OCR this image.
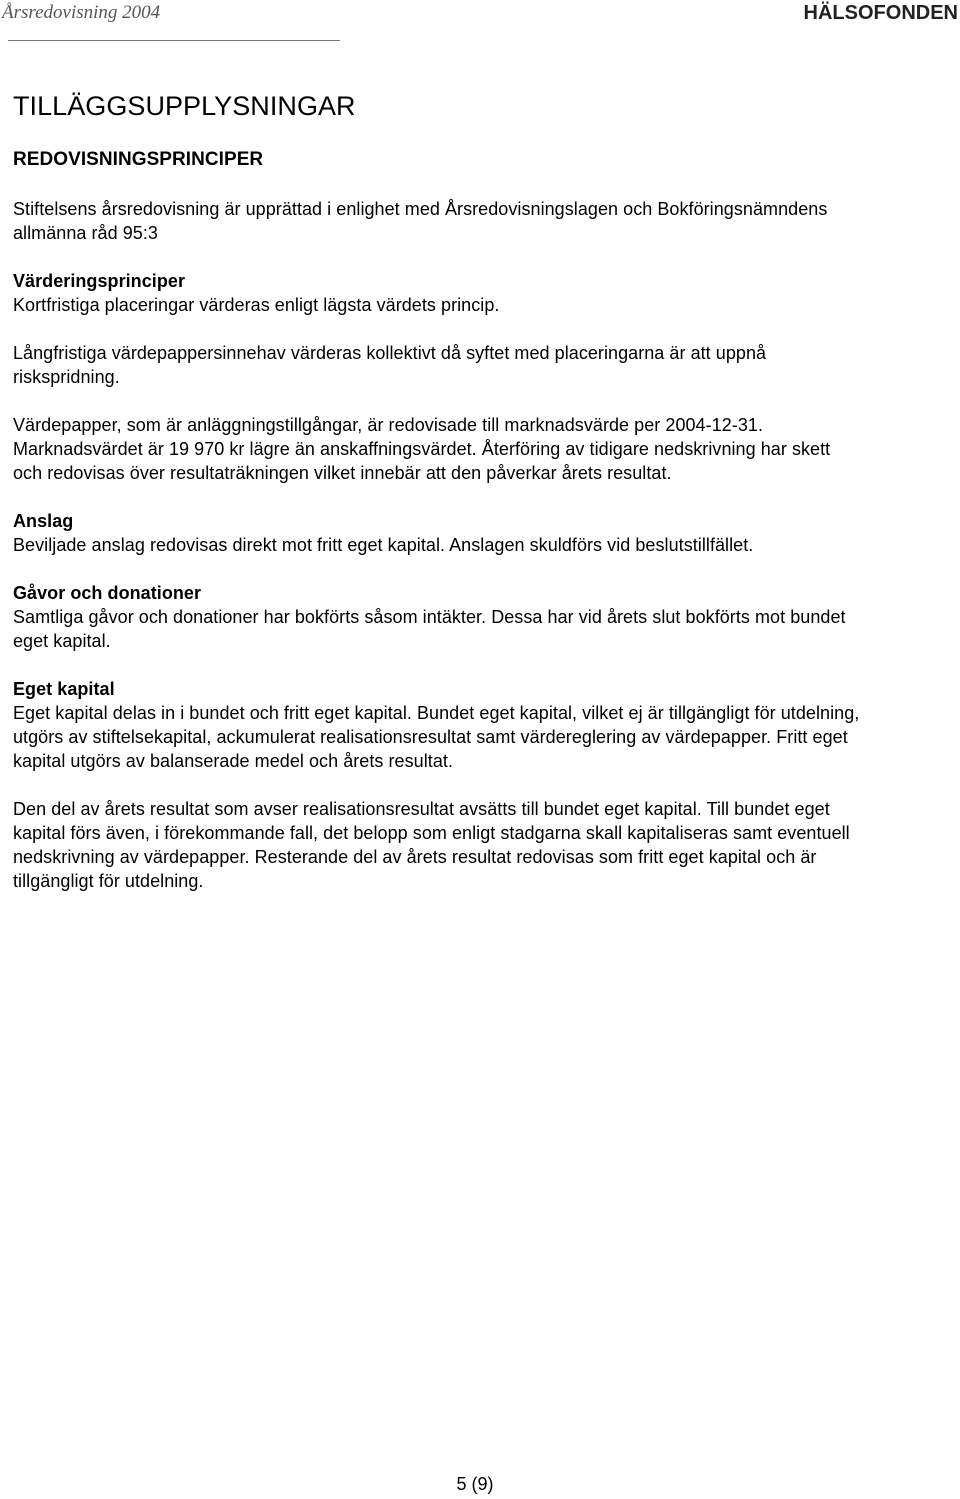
Årsredovisning 2004	HÄLSOFONDEN
TILLÄGGSUPPLYSNINGAR
REDOVISNINGSPRINCIPER

Stiftelsens årsredovisning är upprättad i enlighet med Årsredovisningslagen och Bokföringsnämndens
allmänna råd 95:3

Värderingsprinciper
Kortfristiga placeringar värderas enligt lägsta värdets princip.

Långfristiga värdepappersinnehav värderas kollektivt då syftet med placeringarna är att uppnå
riskspridning.

Värdepapper, som är anläggningstillgångar, är redovisade till marknadsvärde per 2004-12-31.
Marknadsvärdet är 19 970 kr lägre än anskaffningsvärdet. Återföring av tidigare nedskrivning har skett
och redovisas över resultaträkningen vilket innebär att den påverkar årets resultat.

Anslag
Beviljade anslag redovisas direkt mot fritt eget kapital. Anslagen skuldförs vid beslutstillfället.

Gåvor och donationer
Samtliga gåvor och donationer har bokförts såsom intäkter. Dessa har vid årets slut bokförts mot bundet
eget kapital.

Eget kapital
Eget kapital delas in i bundet och fritt eget kapital. Bundet eget kapital, vilket ej är tillgängligt för utdelning,
utgörs av stiftelsekapital, ackumulerat realisationsresultat samt värdereglering av värdepapper. Fritt eget
kapital utgörs av balanserade medel och årets resultat.

Den del av årets resultat som avser realisationsresultat avsätts till bundet eget kapital. Till bundet eget
kapital förs även, i förekommande fall, det belopp som enligt stadgarna skall kapitaliseras samt eventuell
nedskrivning av värdepapper. Resterande del av årets resultat redovisas som fritt eget kapital och är
tillgängligt för utdelning.

5 (9)
